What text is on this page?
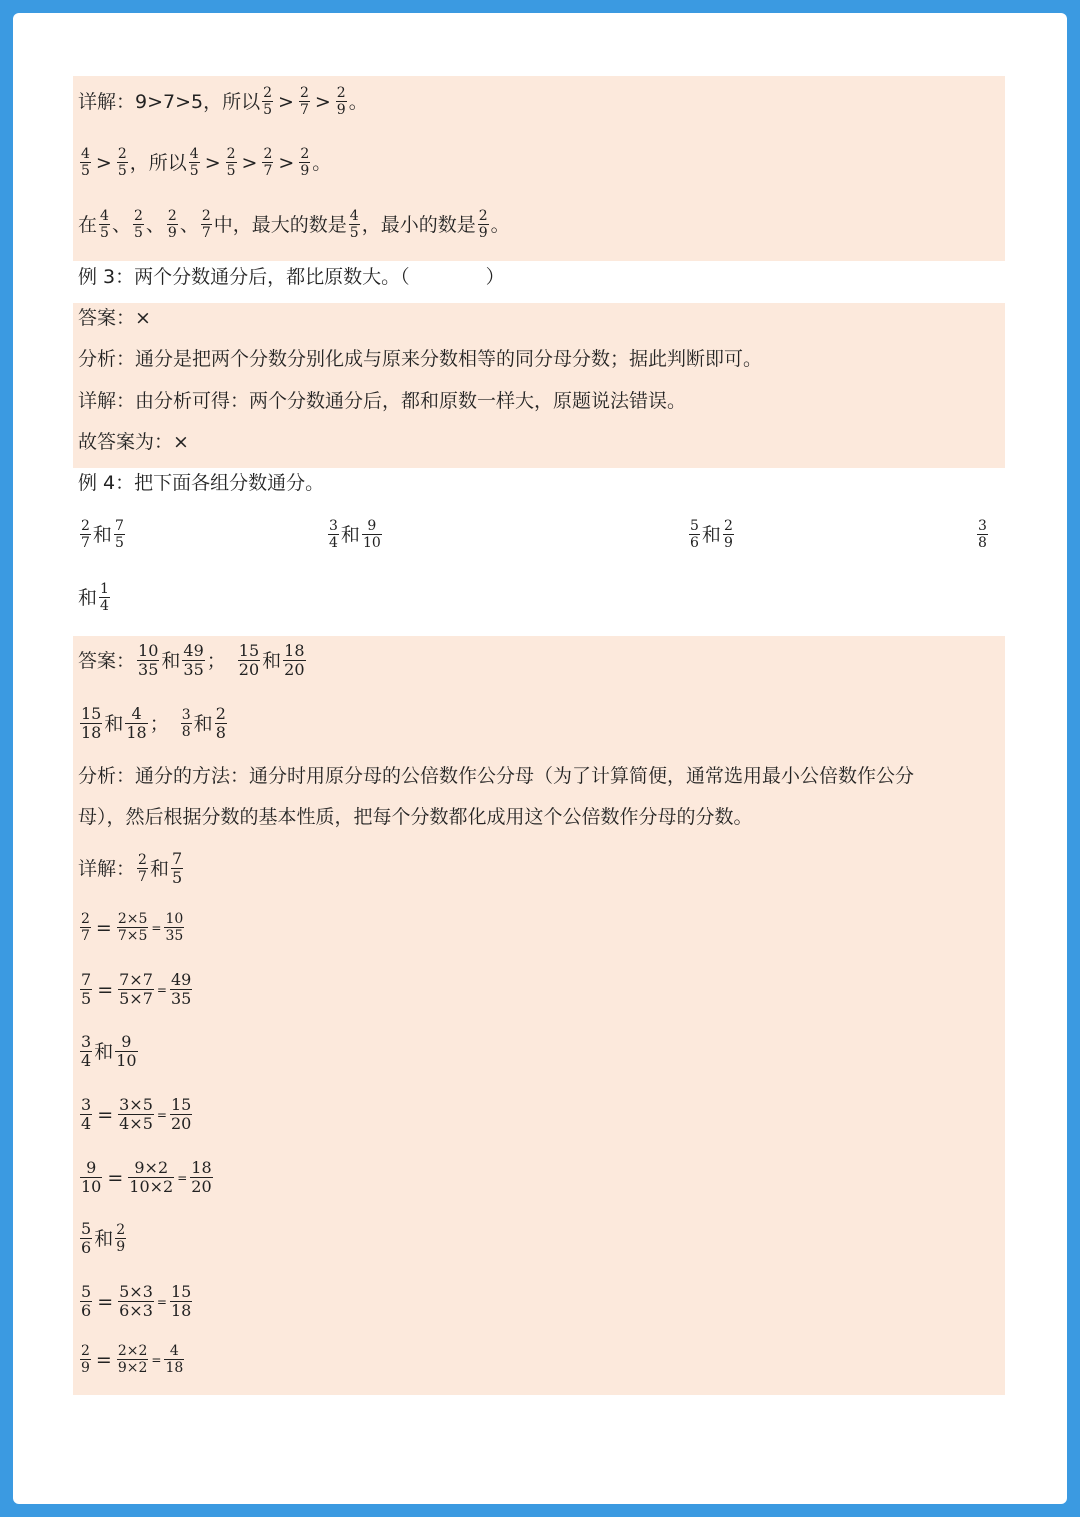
详解：9>7>5，所以 $\frac{2}{5} > \frac{2}{7} > \frac{2}{9}$ 。
$\frac{4}{5} > \frac{2}{5}$ ，所以 $\frac{4}{5} > \frac{2}{5} > \frac{2}{7} > \frac{2}{9}$ 。
在 $\frac{4}{5}$ 、 $\frac{2}{5}$ 、 $\frac{2}{9}$ 、 $\frac{2}{7}$ 中，最大的数是 $\frac{4}{5}$ ，最小的数是 $\frac{2}{9}$ 。
例 3：两个分数通分后，都比原数大。（　　　　）
答案：×
分析：通分是把两个分数分别化成与原来分数相等的同分母分数；据此判断即可。
详解：由分析可得：两个分数通分后，都和原数一样大，原题说法错误。
故答案为：×
例 4：把下面各组分数通分。
$\frac{2}{7}$ 和 $\frac{7}{5}$	$\frac{3}{4}$ 和 $\frac{9}{10}$	$\frac{5}{6}$ 和 $\frac{2}{9}$	$\frac{3}{8}$
和 $\frac{1}{4}$
答案： $\frac{10}{35}$ 和 $\frac{49}{35}$ ； $\frac{15}{20}$ 和 $\frac{18}{20}$
$\frac{15}{18}$ 和 $\frac{4}{18}$ ； $\frac{3}{8}$ 和 $\frac{2}{8}$
分析：通分的方法：通分时用原分母的公倍数作公分母（为了计算简便，通常选用最小公倍数作公分
母），然后根据分数的基本性质，把每个分数都化成用这个公倍数作分母的分数。
详解： $\frac{2}{7}$ 和 $\frac{7}{5}$
$\frac{2}{7} = \frac{2\times 5}{7\times 5} = \frac{10}{35}$
$\frac{7}{5} = \frac{7\times 7}{5\times 7} = \frac{49}{35}$
$\frac{3}{4}$ 和 $\frac{9}{10}$
$\frac{3}{4} = \frac{3\times 5}{4\times 5} = \frac{15}{20}$
$\frac{9}{10} = \frac{9\times 2}{10\times 2} = \frac{18}{20}$
$\frac{5}{6}$ 和 $\frac{2}{9}$
$\frac{5}{6} = \frac{5\times 3}{6\times 3} = \frac{15}{18}$
$\frac{2}{9} = \frac{2\times 2}{9\times 2} = \frac{4}{18}$
